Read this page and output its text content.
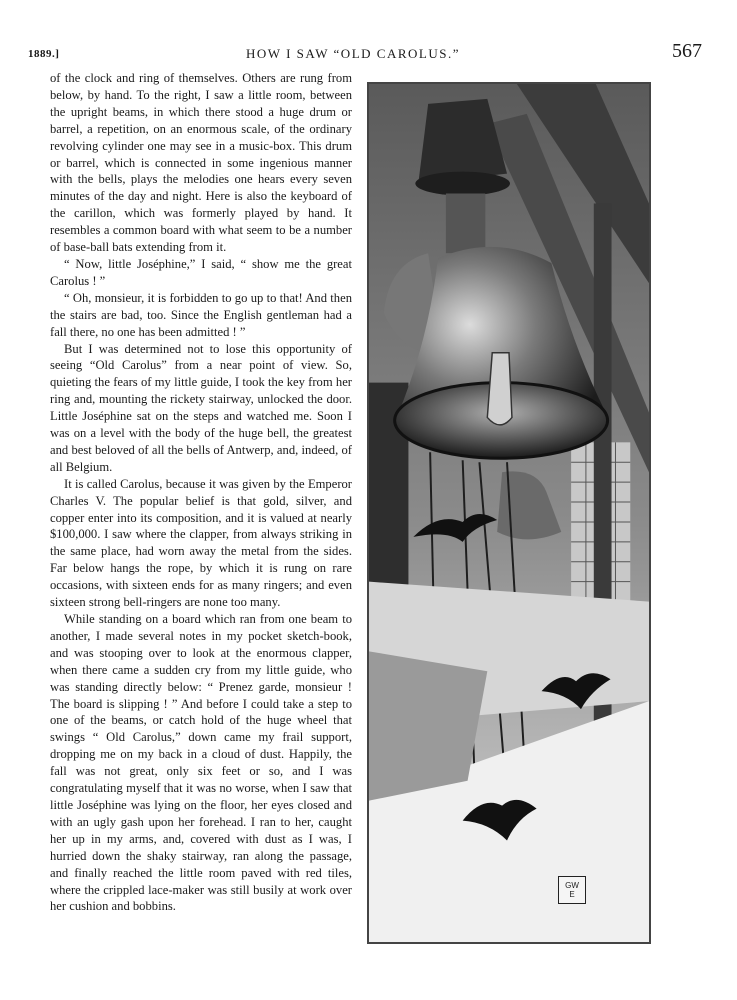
1889.]	HOW I SAW “OLD CAROLUS.”	567

of the clock and ring of themselves. Others are rung from below, by hand. To the right, I saw a little room, between the upright beams, in which there stood a huge drum or barrel, a repetition, on an enormous scale, of the ordinary revolving cylinder one may see in a music-box. This drum or barrel, which is connected in some ingenious manner with the bells, plays the melodies one hears every seven minutes of the day and night. Here is also the keyboard of the carillon, which was formerly played by hand. It resembles a common board with what seem to be a number of base-ball bats extending from it.

“ Now, little Joséphine,” I said, “ show me the great Carolus ! ”

“ Oh, monsieur, it is forbidden to go up to that! And then the stairs are bad, too. Since the English gentleman had a fall there, no one has been admitted ! ”

But I was determined not to lose this opportunity of seeing “Old Carolus” from a near point of view. So, quieting the fears of my little guide, I took the key from her ring and, mounting the rickety stairway, unlocked the door. Little Joséphine sat on the steps and watched me. Soon I was on a level with the body of the huge bell, the greatest and best beloved of all the bells of Antwerp, and, indeed, of all Belgium.

It is called Carolus, because it was given by the Emperor Charles V. The popular belief is that gold, silver, and copper enter into its composition, and it is valued at nearly $100,000. I saw where the clapper, from always striking in the same place, had worn away the metal from the sides. Far below hangs the rope, by which it is rung on rare occasions, with sixteen ends for as many ringers; and even sixteen strong bell-ringers are none too many.

While standing on a board which ran from one beam to another, I made several notes in my pocket sketch-book, and was stooping over to look at the enormous clapper, when there came a sudden cry from my little guide, who was standing directly below: “ Prenez garde, monsieur ! The board is slipping ! ” And before I could take a step to one of the beams, or catch hold of the huge wheel that swings “ Old Carolus,” down came my frail support, dropping me on my back in a cloud of dust. Happily, the fall was not great, only six feet or so, and I was congratulating myself that it was no worse, when I saw that little Joséphine was lying on the floor, her eyes closed and with an ugly gash upon her forehead. I ran to her, caught her up in my arms, and, covered with dust as I was, I hurried down the shaky stairway, ran along the passage, and finally reached the little room paved with red tiles, where the crippled lace-maker was still busily at work over her cushion and bobbins.

GW
E
